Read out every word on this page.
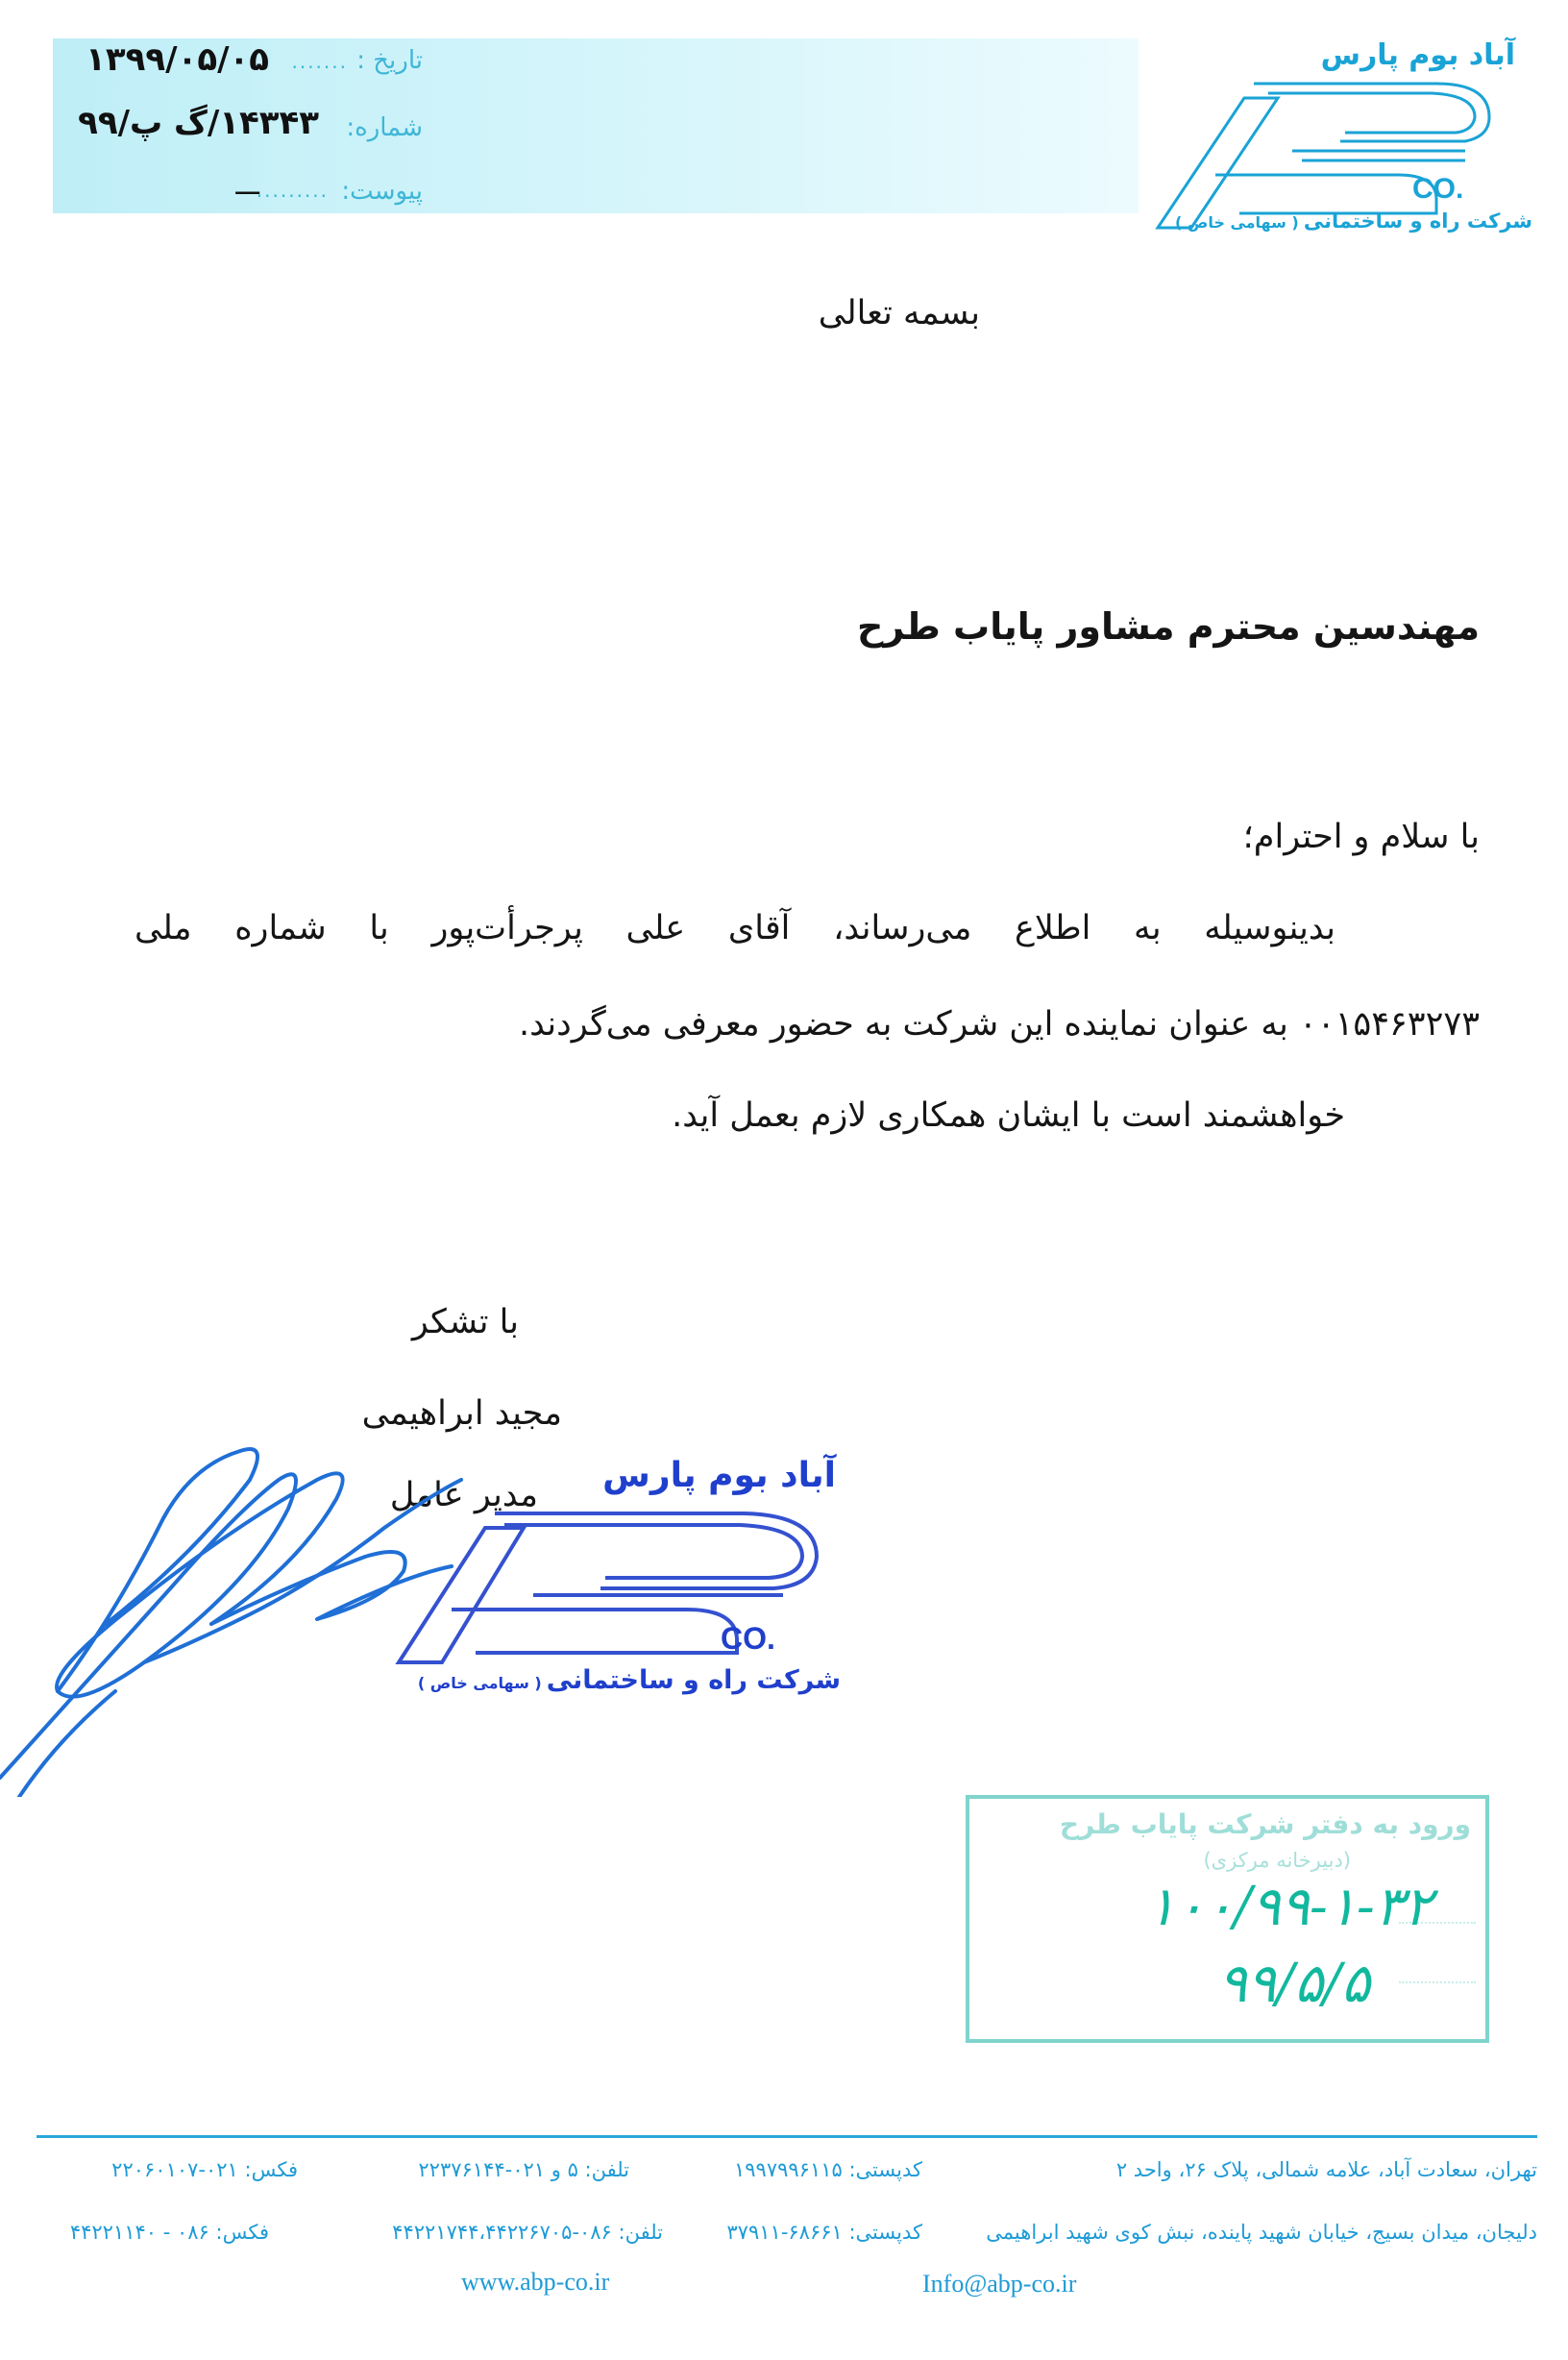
تاریخ :
.......
۱۳۹۹/۰۵/۰۵
شماره:
۱۴۳۴۳/گ پ/۹۹
پیوست:
.........
ـــ
آباد بوم پارس
CO.
شرکت راه و ساختمانی ( سهامی خاص )
بسمه تعالی
مهندسین محترم مشاور پایاب طرح
با سلام و احترام؛
بدینوسیله به اطلاع می‌رساند، آقای علی پرجرأت‌پور با شماره ملی
۰۰۱۵۴۶۳۲۷۳ به عنوان نماینده این شرکت به حضور معرفی می‌گردند.
خواهشمند است با ایشان همکاری لازم بعمل آید.
با تشکر
مجید ابراهیمی
مدیر عامل آباد بوم پارس
CO.
شرکت راه و ساختمانی ( سهامی خاص )
ورود به دفتر شرکت پایاب طرح
(دبیرخانه مرکزی)
۱۰۰/۹۹-۱-۳۲
۹۹/۵/۵
تهران، سعادت آباد، علامه شمالی، پلاک ۲۶، واحد ۲
کدپستی: ۱۹۹۷۹۹۶۱۱۵
تلفن: ۵ و ۰۲۱-۲۲۳۷۶۱۴۴
فکس: ۰۲۱-۲۲۰۶۰۱۰۷
دلیجان، میدان بسیج، خیابان شهید پاینده، نبش کوی شهید ابراهیمی
کدپستی: ۶۸۶۶۱-۳۷۹۱۱
تلفن: ۰۸۶-۴۴۲۲۱۷۴۴،۴۴۲۲۶۷۰۵
فکس: ۰۸۶ - ۴۴۲۲۱۱۴۰
www.abp-co.ir	Info@abp-co.ir
